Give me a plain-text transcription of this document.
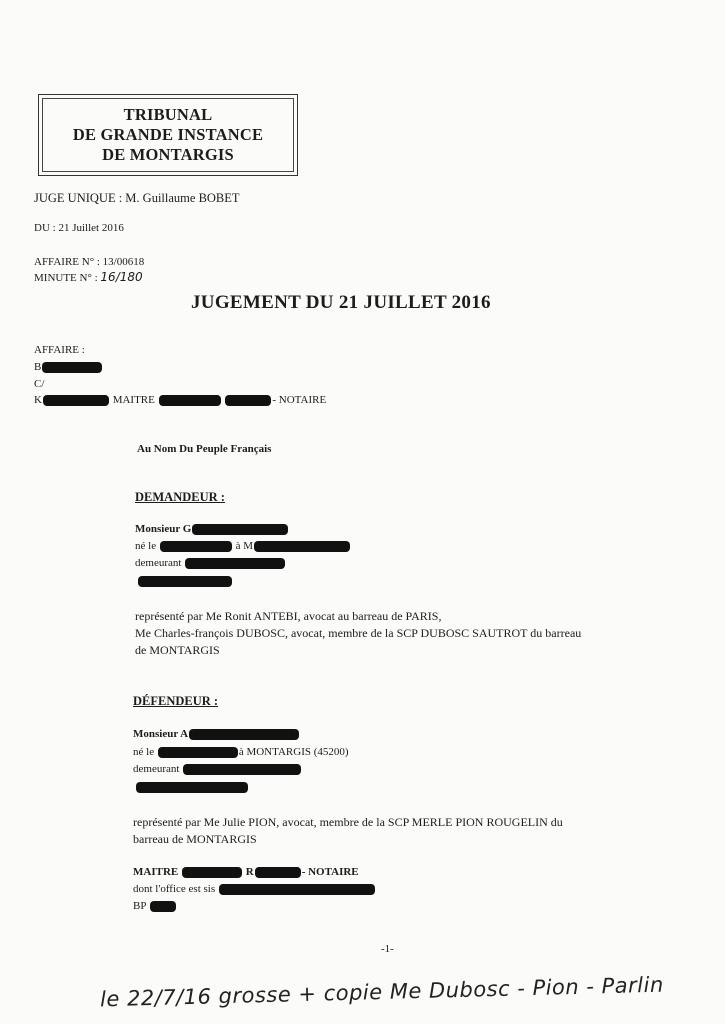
TRIBUNAL
DE GRANDE INSTANCE
DE MONTARGIS
JUGE UNIQUE : M. Guillaume BOBET
DU : 21 Juillet 2016
AFFAIRE N° : 13/00618
MINUTE N° : 16/180
JUGEMENT DU 21 JUILLET 2016
AFFAIRE :
B
C/
K	MAITRE	- NOTAIRE
Au Nom Du Peuple Français
DEMANDEUR :
Monsieur G
né le	à M
demeurant
représenté par Me Ronit ANTEBI, avocat au barreau de PARIS,
Me Charles-françois DUBOSC, avocat, membre de la SCP DUBOSC SAUTROT du barreau
de MONTARGIS
DÉFENDEUR :
Monsieur A
né le	à MONTARGIS (45200)
demeurant
représenté par Me Julie PION, avocat, membre de la SCP MERLE PION ROUGELIN du
barreau de MONTARGIS
MAITRE	R	- NOTAIRE
dont l'office est sis
BP
-1-
le 22/7/16 grosse + copie Me Dubosc - Pion - Parlin
